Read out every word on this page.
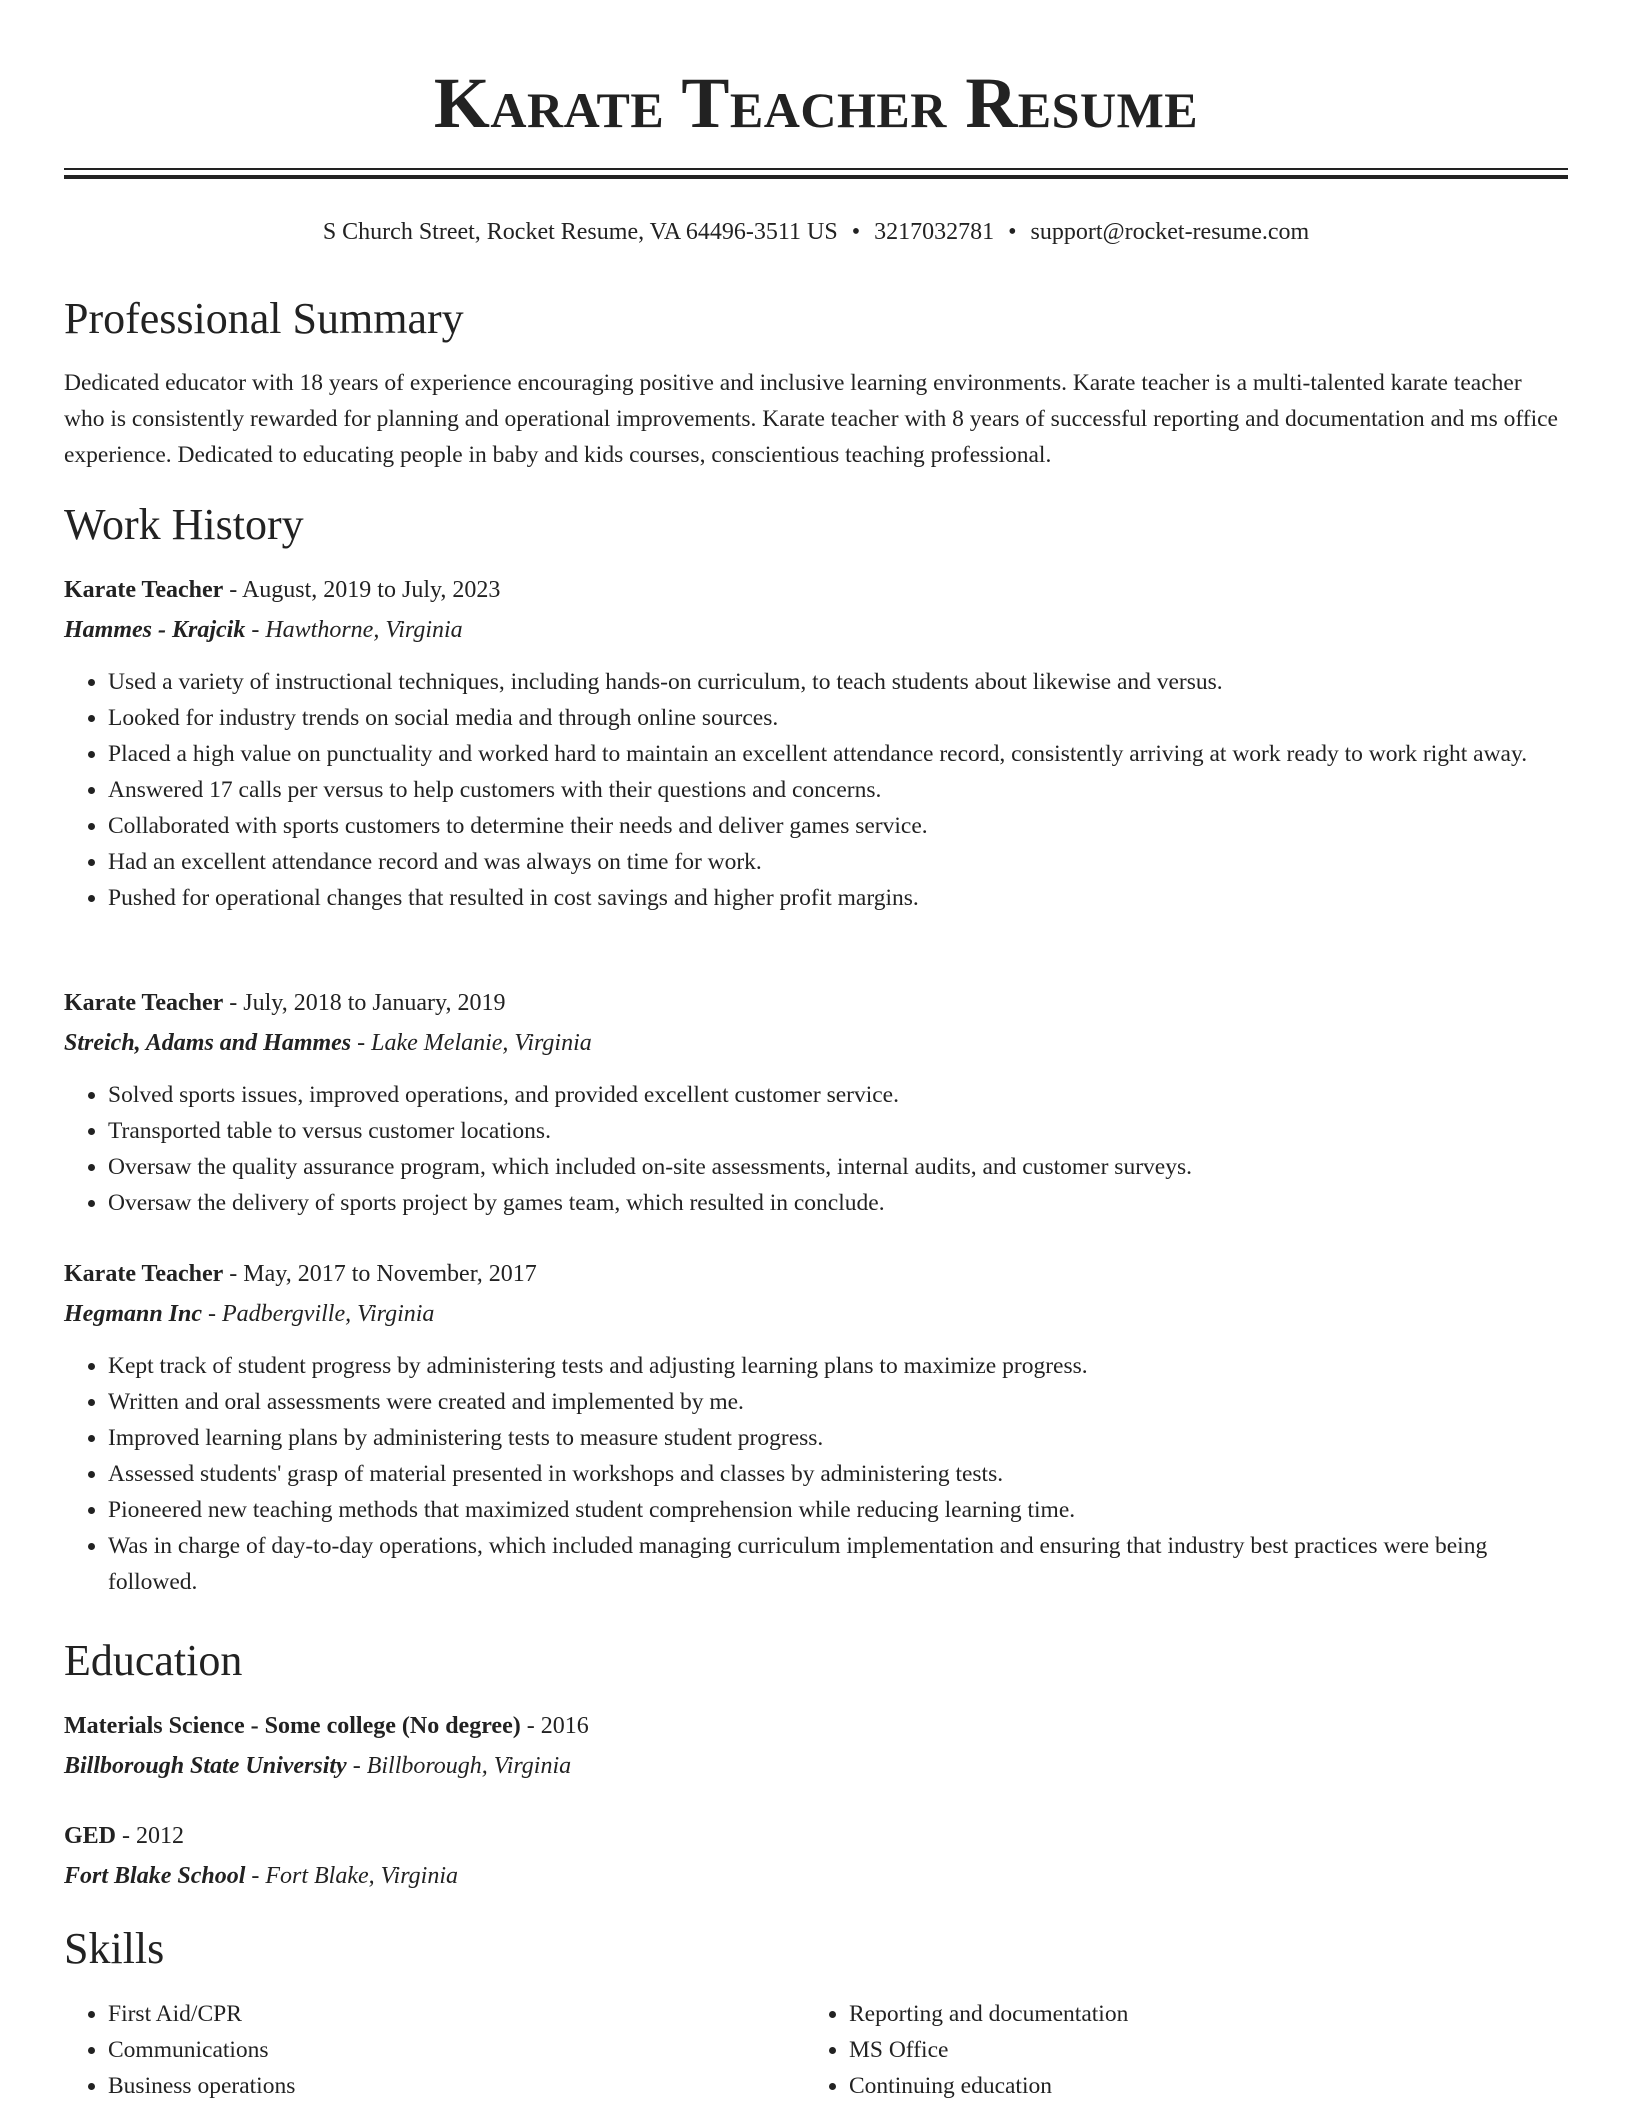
Karate Teacher Resume
S Church Street, Rocket Resume, VA 64496-3511 US • 3217032781 • support@rocket-resume.com
Professional Summary

Dedicated educator with 18 years of experience encouraging positive and inclusive learning environments. Karate teacher is a multi-talented karate teacher who is consistently rewarded for planning and operational improvements. Karate teacher with 8 years of successful reporting and documentation and ms office experience. Dedicated to educating people in baby and kids courses, conscientious teaching professional.

Work History
Karate Teacher - August, 2019 to July, 2023
Hammes - Krajcik - Hawthorne, Virginia
• Used a variety of instructional techniques, including hands-on curriculum, to teach students about likewise and versus.
• Looked for industry trends on social media and through online sources.
• Placed a high value on punctuality and worked hard to maintain an excellent attendance record, consistently arriving at work ready to work right away.
• Answered 17 calls per versus to help customers with their questions and concerns.
• Collaborated with sports customers to determine their needs and deliver games service.
• Had an excellent attendance record and was always on time for work.
• Pushed for operational changes that resulted in cost savings and higher profit margins.
Karate Teacher - July, 2018 to January, 2019
Streich, Adams and Hammes - Lake Melanie, Virginia
• Solved sports issues, improved operations, and provided excellent customer service.
• Transported table to versus customer locations.
• Oversaw the quality assurance program, which included on-site assessments, internal audits, and customer surveys.
• Oversaw the delivery of sports project by games team, which resulted in conclude.
Karate Teacher - May, 2017 to November, 2017
Hegmann Inc - Padbergville, Virginia
• Kept track of student progress by administering tests and adjusting learning plans to maximize progress.
• Written and oral assessments were created and implemented by me.
• Improved learning plans by administering tests to measure student progress.
• Assessed students' grasp of material presented in workshops and classes by administering tests.
• Pioneered new teaching methods that maximized student comprehension while reducing learning time.
• Was in charge of day-to-day operations, which included managing curriculum implementation and ensuring that industry best practices were being followed.
Education
Materials Science - Some college (No degree) - 2016
Billborough State University - Billborough, Virginia
GED - 2012
Fort Blake School - Fort Blake, Virginia
Skills
• First Aid/CPR
• Communications
• Business operations
• Reporting and documentation
• MS Office
• Continuing education
